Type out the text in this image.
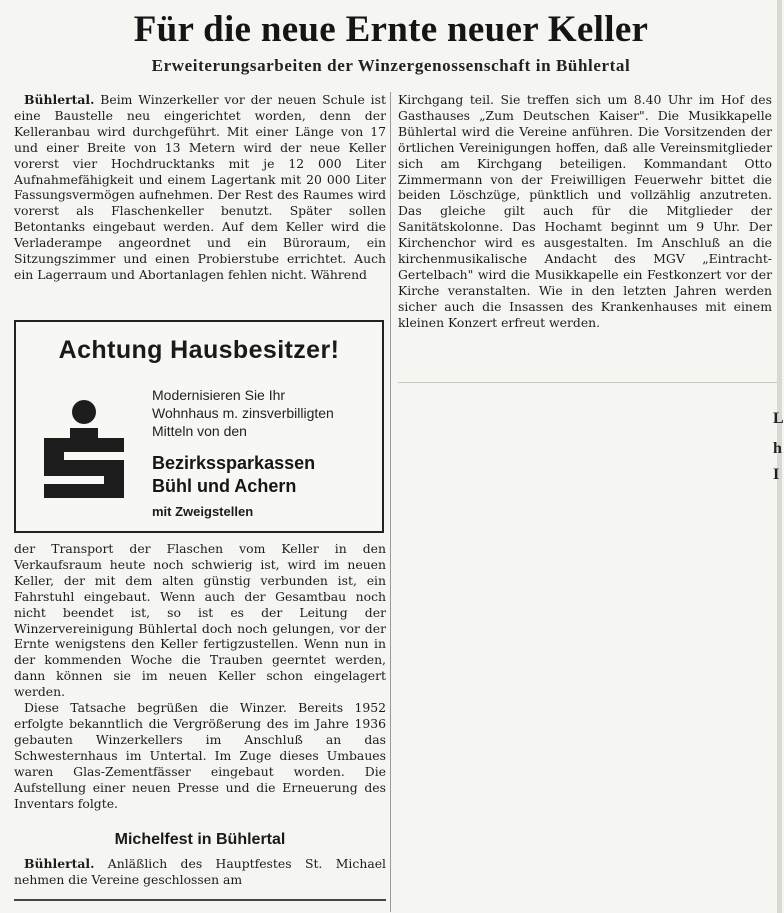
Für die neue Ernte neuer Keller
Erweiterungsarbeiten der Winzergenossenschaft in Bühlertal

Bühlertal. Beim Winzerkeller vor der neuen Schule ist eine Baustelle neu eingerichtet worden, denn der Kelleranbau wird durchgeführt. Mit einer Länge von 17 und einer Breite von 13 Metern wird der neue Keller vorerst vier Hochdrucktanks mit je 12 000 Liter Aufnahmefähigkeit und einem Lagertank mit 20 000 Liter Fassungsvermögen aufnehmen. Der Rest des Raumes wird vorerst als Flaschenkeller benutzt. Später sollen Betontanks eingebaut werden. Auf dem Keller wird die Verladerampe angeordnet und ein Büroraum, ein Sitzungszimmer und einen Probierstube errichtet. Auch ein Lagerraum und Abortanlagen fehlen nicht. Während

Kirchgang teil. Sie treffen sich um 8.40 Uhr im Hof des Gasthauses „Zum Deutschen Kaiser". Die Musikkapelle Bühlertal wird die Vereine anführen. Die Vorsitzenden der örtlichen Vereinigungen hoffen, daß alle Vereinsmitglieder sich am Kirchgang beteiligen. Kommandant Otto Zimmermann von der Freiwilligen Feuerwehr bittet die beiden Löschzüge, pünktlich und vollzählig anzutreten. Das gleiche gilt auch für die Mitglieder der Sanitätskolonne. Das Hochamt beginnt um 9 Uhr. Der Kirchenchor wird es ausgestalten. Im Anschluß an die kirchenmusikalische Andacht des MGV „Eintracht-Gertelbach" wird die Musikkapelle ein Festkonzert vor der Kirche veranstalten. Wie in den letzten Jahren werden sicher auch die Insassen des Krankenhauses mit einem kleinen Konzert erfreut werden.

Achtung Hausbesitzer!
Modernisieren Sie Ihr
Wohnhaus m. zinsverbilligten
Mitteln von den
Bezirkssparkassen
Bühl und Achern
mit Zweigstellen

der Transport der Flaschen vom Keller in den Verkaufsraum heute noch schwierig ist, wird im neuen Keller, der mit dem alten günstig verbunden ist, ein Fahrstuhl eingebaut. Wenn auch der Gesamtbau noch nicht beendet ist, so ist es der Leitung der Winzervereinigung Bühlertal doch noch gelungen, vor der Ernte wenigstens den Keller fertigzustellen. Wenn nun in der kommenden Woche die Trauben geerntet werden, dann können sie im neuen Keller schon eingelagert werden.

Diese Tatsache begrüßen die Winzer. Bereits 1952 erfolgte bekanntlich die Vergrößerung des im Jahre 1936 gebauten Winzerkellers im Anschluß an das Schwesternhaus im Untertal. Im Zuge dieses Umbaues waren Glas-Zementfässer eingebaut worden. Die Aufstellung einer neuen Presse und die Erneuerung des Inventars folgte.

Michelfest in Bühlertal

Bühlertal. Anläßlich des Hauptfestes St. Michael nehmen die Vereine geschlossen am

L
h
I
